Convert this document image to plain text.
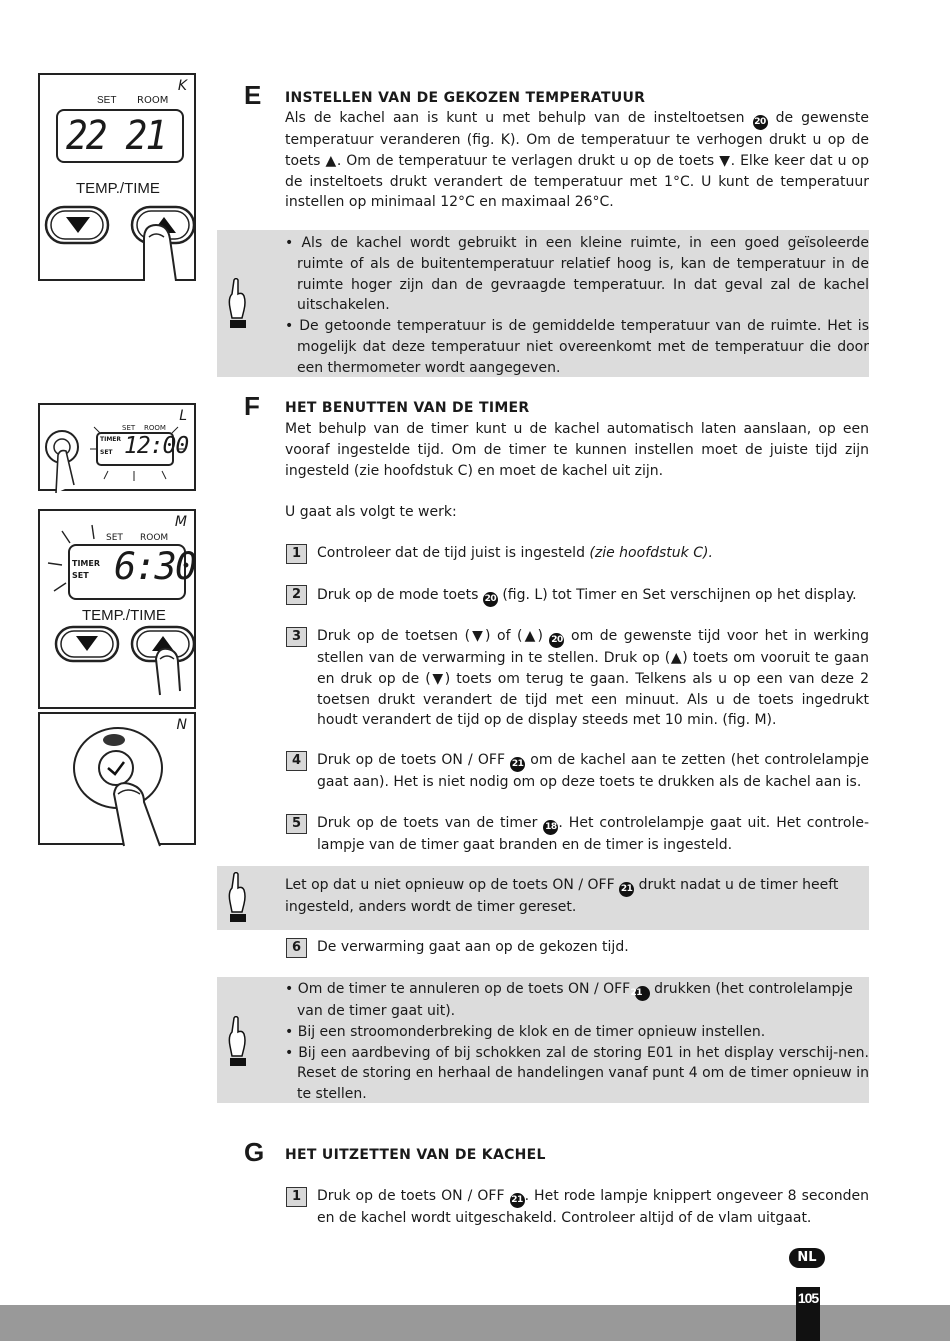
K
SET ROOM
22 21
TEMP./TIME
L
SET ROOM
TIMER
SET 12:00
M
SET ROOM
TIMER
SET 6:30
TEMP./TIME
N
E INSTELLEN VAN DE GEKOZEN TEMPERATUUR

Als de kachel aan is kunt u met behulp van de insteltoetsen 20 de gewenste temperatuur veranderen (fig. K). Om de temperatuur te verhogen drukt u op de toets ▲. Om de temperatuur te verlagen drukt u op de toets ▼. Elke keer dat u op de insteltoets drukt verandert de temperatuur met 1°C. U kunt de temperatuur instellen op minimaal 12°C en maximaal 26°C.

• Als de kachel wordt gebruikt in een kleine ruimte, in een goed geïsoleerde ruimte of als de buitentemperatuur relatief hoog is, kan de temperatuur in de ruimte hoger zijn dan de gevraagde temperatuur. In dat geval zal de kachel uitschakelen.
• De getoonde temperatuur is de gemiddelde temperatuur van de ruimte. Het is mogelijk dat deze temperatuur niet overeenkomt met de temperatuur die door een thermometer wordt aangegeven.
F HET BENUTTEN VAN DE TIMER

Met behulp van de timer kunt u de kachel automatisch laten aanslaan, op een vooraf ingestelde tijd. Om de timer te kunnen instellen moet de juiste tijd zijn ingesteld (zie hoofdstuk C) en moet de kachel uit zijn.

U gaat als volgt te werk:

1	Controleer dat de tijd juist is ingesteld (zie hoofdstuk C).

2	Druk op de mode toets 20 (fig. L) tot Timer en Set verschijnen op het display.

3	Druk op de toetsen (▼) of (▲) 20 om de gewenste tijd voor het in werking stellen van de verwarming in te stellen. Druk op (▲) toets om vooruit te gaan en druk op de (▼) toets om terug te gaan. Telkens als u op een van deze 2 toetsen drukt verandert de tijd met een minuut. Als u de toets ingedrukt houdt verandert de tijd op de display steeds met 10 min. (fig. M).

4	Druk op de toets ON / OFF 21 om de kachel aan te zetten (het controlelampje gaat aan). Het is niet nodig om op deze toets te drukken als de kachel aan is.

5	Druk op de toets van de timer 18 . Het controlelampje gaat uit. Het controle-lampje van de timer gaat branden en de timer is ingesteld.

Let op dat u niet opnieuw op de toets ON / OFF 21 drukt nadat u de timer heeft ingesteld, anders wordt de timer gereset.

6	De verwarming gaat aan op de gekozen tijd.

• Om de timer te annuleren op de toets ON / OFF 21 drukken (het controlelampje van de timer gaat uit).
• Bij een stroomonderbreking de klok en de timer opnieuw instellen.
• Bij een aardbeving of bij schokken zal de storing E01 in het display verschij-nen. Reset de storing en herhaal de handelingen vanaf punt 4 om de timer opnieuw in te stellen.
G HET UITZETTEN VAN DE KACHEL
1	Druk op de toets ON / OFF 21 . Het rode lampje knippert ongeveer 8 seconden en de kachel wordt uitgeschakeld. Controleer altijd of de vlam uitgaat.

NL
105
